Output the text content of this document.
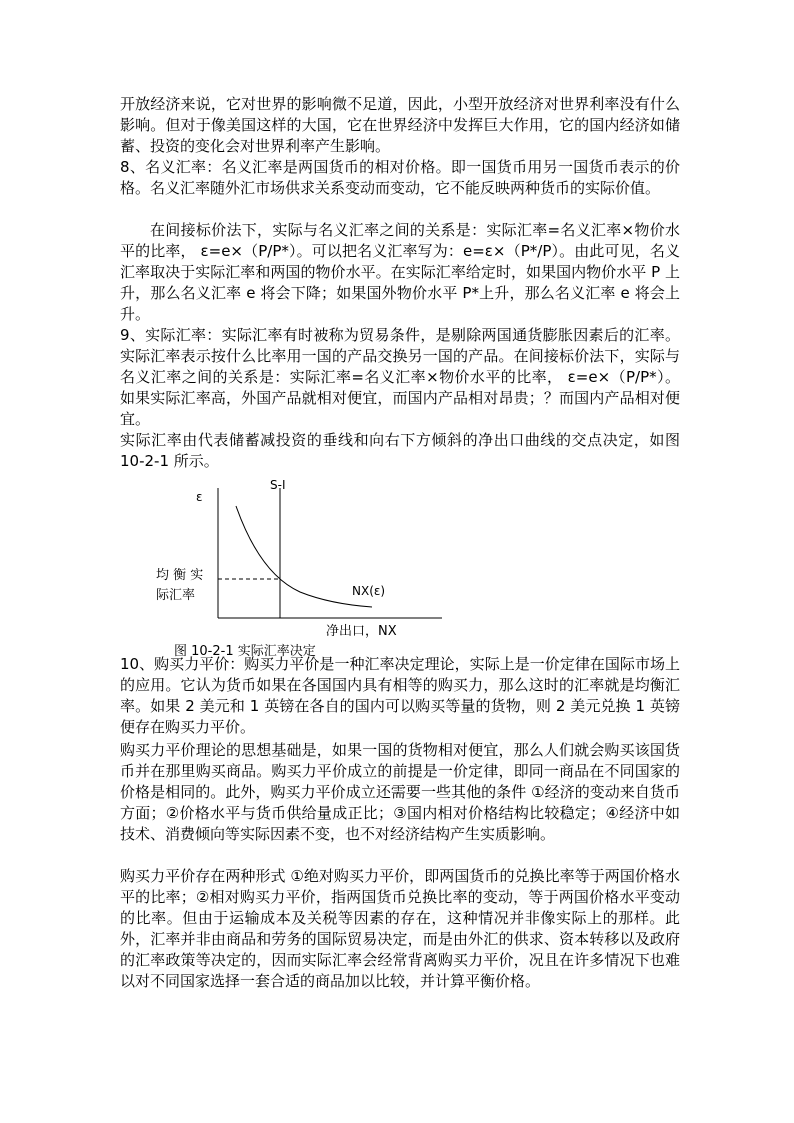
开放经济来说，它对世界的影响微不足道，因此，小型开放经济对世界利率没有什么影响。但对于像美国这样的大国，它在世界经济中发挥巨大作用，它的国内经济如储蓄、投资的变化会对世界利率产生影响。

8、名义汇率：名义汇率是两国货币的相对价格。即一国货币用另一国货币表示的价格。名义汇率随外汇市场供求关系变动而变动，它不能反映两种货币的实际价值。

在间接标价法下，实际与名义汇率之间的关系是：实际汇率=名义汇率×物价水平的比率， ε=e×（P/P*）。可以把名义汇率写为：e=ε×（P*/P）。由此可见，名义汇率取决于实际汇率和两国的物价水平。在实际汇率给定时，如果国内物价水平 P 上升，那么名义汇率 e 将会下降；如果国外物价水平 P*上升，那么名义汇率 e 将会上升。

9、实际汇率：实际汇率有时被称为贸易条件，是剔除两国通货膨胀因素后的汇率。实际汇率表示按什么比率用一国的产品交换另一国的产品。在间接标价法下，实际与名义汇率之间的关系是：实际汇率=名义汇率×物价水平的比率， ε=e×（P/P*）。如果实际汇率高，外国产品就相对便宜，而国内产品相对昂贵；？而国内产品相对便宜。

实际汇率由代表储蓄减投资的垂线和向右下方倾斜的净出口曲线的交点决定，如图 10-2-1 所示。

ε
S-I
均 衡 实
际汇率	NX(ε)
净出口，NX
图 10-2-1 实际汇率决定

10、购买力平价：购买力平价是一种汇率决定理论，实际上是一价定律在国际市场上的应用。它认为货币如果在各国国内具有相等的购买力，那么这时的汇率就是均衡汇率。如果 2 美元和 1 英镑在各自的国内可以购买等量的货物，则 2 美元兑换 1 英镑便存在购买力平价。

购买力平价理论的思想基础是，如果一国的货物相对便宜，那么人们就会购买该国货币并在那里购买商品。购买力平价成立的前提是一价定律，即同一商品在不同国家的价格是相同的。此外，购买力平价成立还需要一些其他的条件 ①经济的变动来自货币方面；②价格水平与货币供给量成正比；③国内相对价格结构比较稳定；④经济中如技术、消费倾向等实际因素不变，也不对经济结构产生实质影响。

购买力平价存在两种形式 ①绝对购买力平价，即两国货币的兑换比率等于两国价格水平的比率；②相对购买力平价，指两国货币兑换比率的变动，等于两国价格水平变动的比率。但由于运输成本及关税等因素的存在，这种情况并非像实际上的那样。此外，汇率并非由商品和劳务的国际贸易决定，而是由外汇的供求、资本转移以及政府的汇率政策等决定的，因而实际汇率会经常背离购买力平价，况且在许多情况下也难以对不同国家选择一套合适的商品加以比较，并计算平衡价格。
